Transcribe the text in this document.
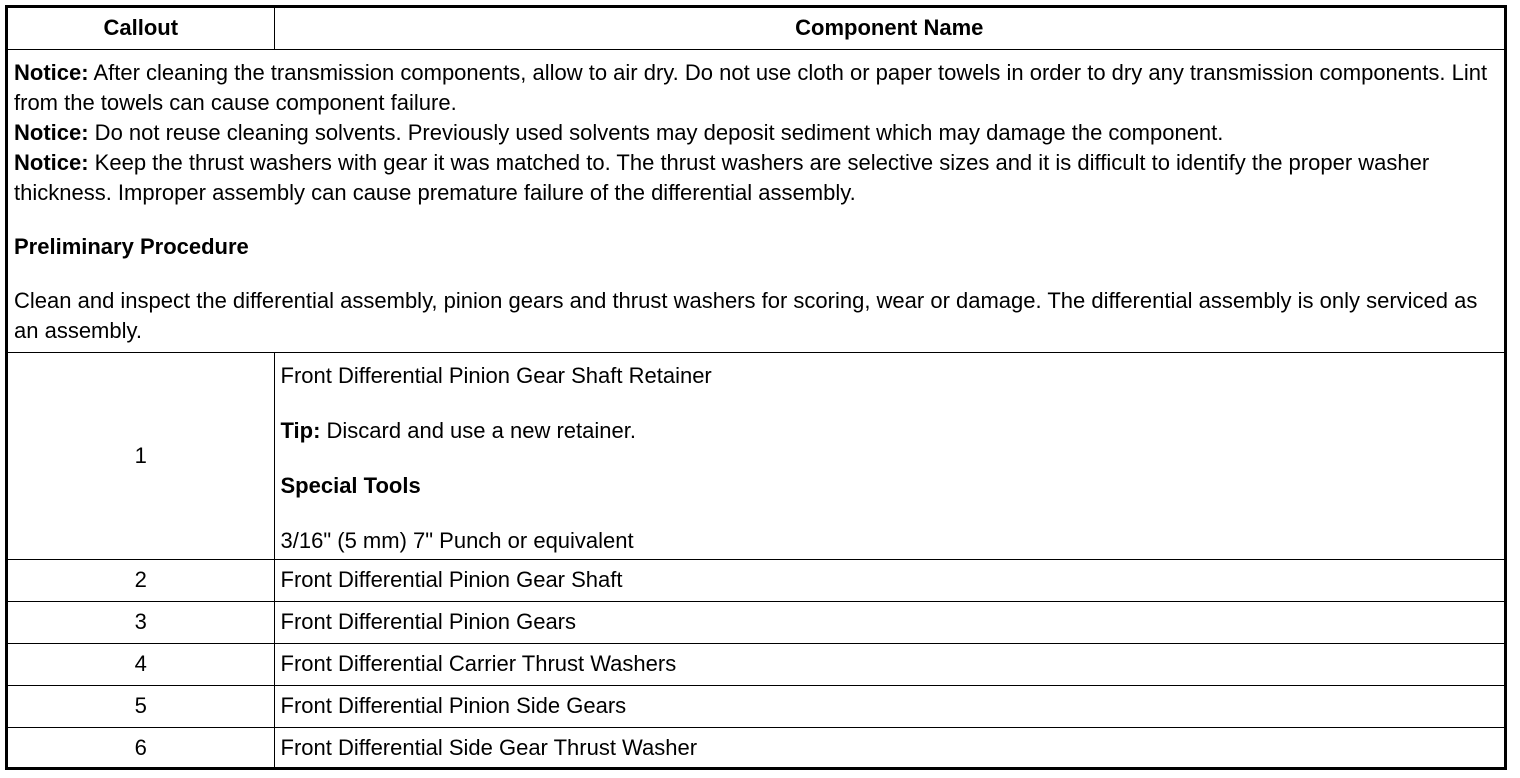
Callout	Component Name

Notice: After cleaning the transmission components, allow to air dry. Do not use cloth or paper towels in order to dry any transmission components. Lint from the towels can cause component failure.

Notice: Do not reuse cleaning solvents. Previously used solvents may deposit sediment which may damage the component.

Notice: Keep the thrust washers with gear it was matched to. The thrust washers are selective sizes and it is difficult to identify the proper washer thickness. Improper assembly can cause premature failure of the differential assembly.

Preliminary Procedure

Clean and inspect the differential assembly, pinion gears and thrust washers for scoring, wear or damage. The differential assembly is only serviced as an assembly.	

1	Front Differential Pinion Gear Shaft Retainer

Tip: Discard and use a new retainer.

Special Tools

3/16" (5 mm) 7" Punch or equivalent

2	Front Differential Pinion Gear Shaft
3	Front Differential Pinion Gears
4	Front Differential Carrier Thrust Washers
5	Front Differential Pinion Side Gears
6	Front Differential Side Gear Thrust Washer
